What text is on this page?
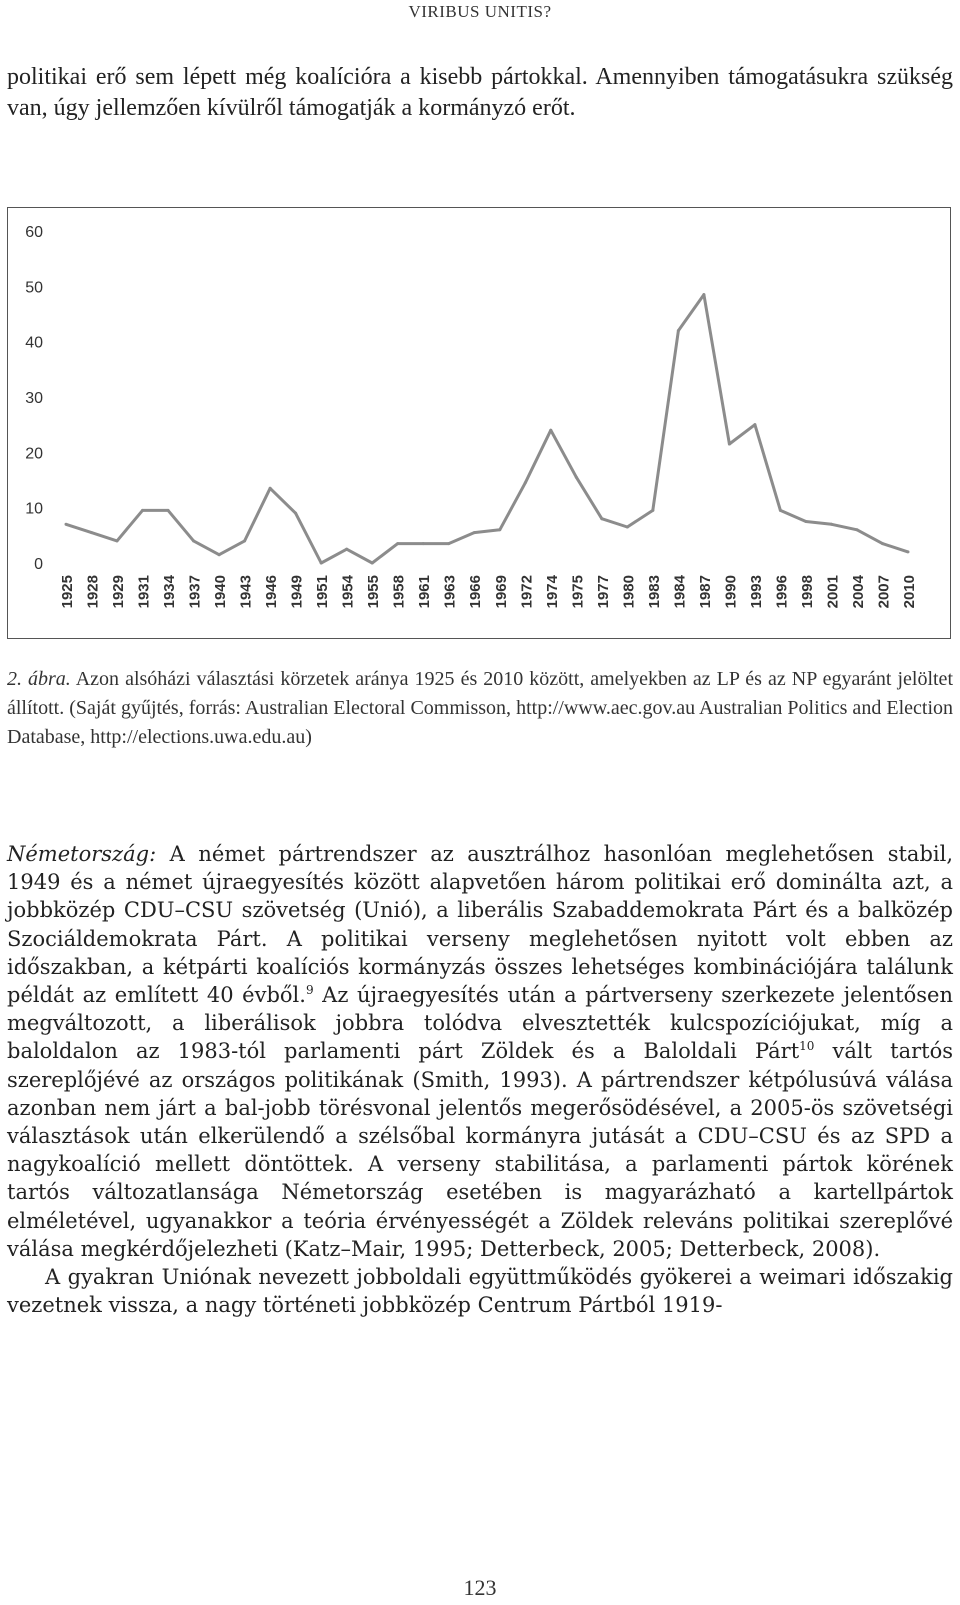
VIRIBUS UNITIS?

politikai erő sem lépett még koalícióra a kisebb pártokkal. Amennyiben támogatásukra szükség van, úgy jellemzően kívülről támogatják a kormányzó erőt.

0
10
20
30
40
50
60
1925 1928 1929 1931 1934 1937 1940 1943 1946 1949 1951 1954 1955 1958 1961 1963 1966 1969 1972 1974 1975 1977 1980 1983 1984 1987 1990 1993 1996 1998 2001 2004 2007 2010

2. ábra. Azon alsóházi választási körzetek aránya 1925 és 2010 között, amelyekben az LP és az NP egyaránt jelöltet állított. (Saját gyűjtés, forrás: Australian Electoral Commisson, http://www.aec.gov.au Australian Politics and Election Database, http://elections.uwa.edu.au)

Németország: A német pártrendszer az ausztrálhoz hasonlóan meglehetősen stabil, 1949 és a német újraegyesítés között alapvetően három politikai erő dominálta azt, a jobbközép CDU–CSU szövetség (Unió), a liberális Szabaddemokrata Párt és a balközép Szociáldemokrata Párt. A politikai verseny meglehetősen nyitott volt ebben az időszakban, a kétpárti koalíciós kormányzás összes lehetséges kombinációjára találunk példát az említett 40 évből.$^9$ Az újraegyesítés után a pártverseny szerkezete jelentősen megváltozott, a liberálisok jobbra tolódva elvesztették kulcspozíciójukat, míg a baloldalon az 1983-tól parlamenti párt Zöldek és a Baloldali Párt$^{10}$ vált tartós szereplőjévé az országos politikának (Smith, 1993). A pártrendszer kétpólusúvá válása azonban nem járt a bal-jobb törésvonal jelentős megerősödésével, a 2005-ös szövetségi választások után elkerülendő a szélsőbal kormányra jutását a CDU–CSU és az SPD a nagykoalíció mellett döntöttek. A verseny stabilitása, a parlamenti pártok körének tartós változatlansága Németország esetében is magyarázható a kartellpártok elméletével, ugyanakkor a teória érvényességét a Zöldek releváns politikai szereplővé válása megkérdőjelezheti (Katz–Mair, 1995; Detterbeck, 2005; Detterbeck, 2008).

A gyakran Uniónak nevezett jobboldali együttműködés gyökerei a weimari időszakig vezetnek vissza, a nagy történeti jobbközép Centrum Pártból 1919-

123
